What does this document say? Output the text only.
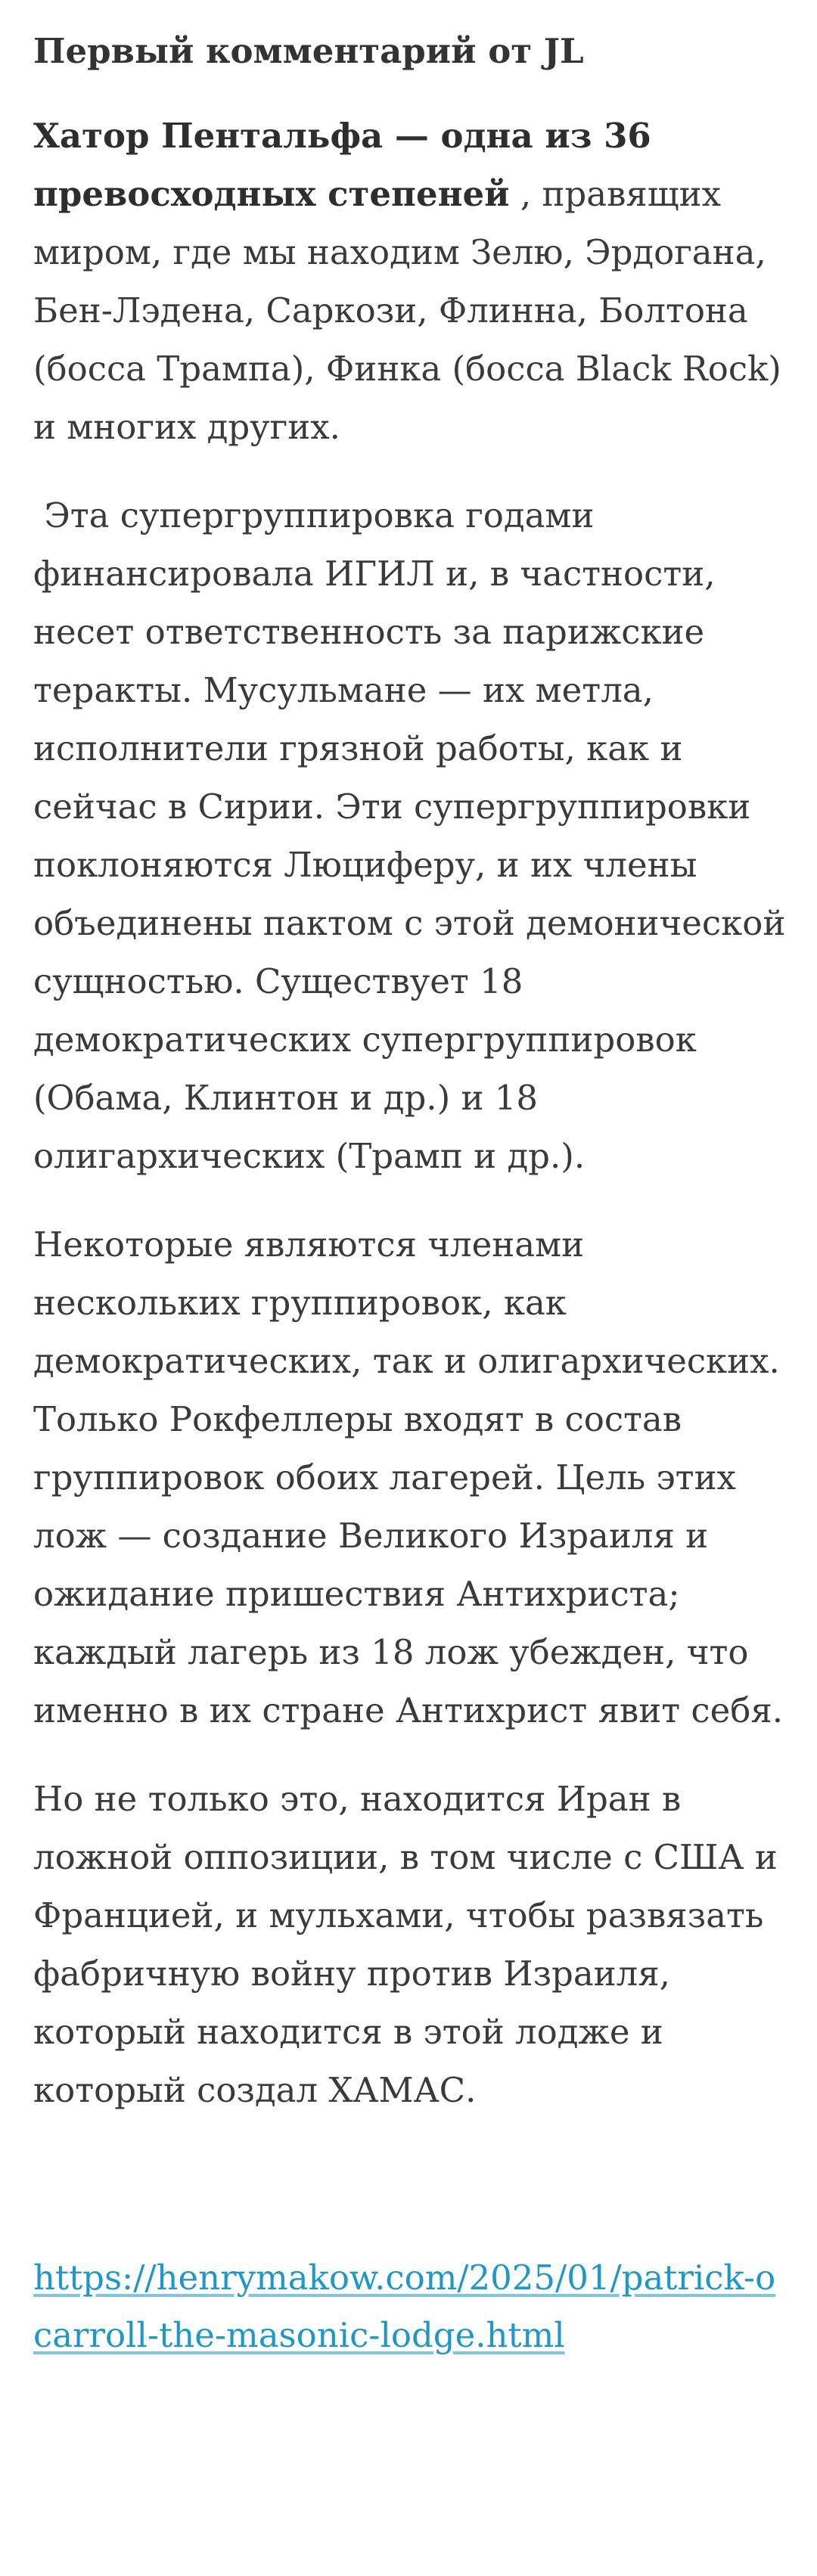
Первый комментарий от JL

Хатор Пентальфа — одна из 36 превосходных степеней , правящих миром, где мы находим Зелю, Эрдогана, Бен-Лэдена, Саркози, Флинна, Болтона (босса Трампа), Финка (босса Black Rock) и многих других.

Эта супергруппировка годами финансировала ИГИЛ и, в частности, несет ответственность за парижские теракты. Мусульмане — их метла, исполнители грязной работы, как и сейчас в Сирии. Эти супергруппировки поклоняются Люциферу, и их члены объединены пактом с этой демонической сущностью. Существует 18 демократических супергруппировок (Обама, Клинтон и др.) и 18 олигархических (Трамп и др.).

Некоторые являются членами нескольких группировок, как демократических, так и олигархических. Только Рокфеллеры входят в состав группировок обоих лагерей. Цель этих лож — создание Великого Израиля и ожидание пришествия Антихриста; каждый лагерь из 18 лож убежден, что именно в их стране Антихрист явит себя.

Но не только это, находится Иран в ложной оппозиции, в том числе с США и Францией, и мульхами, чтобы развязать фабричную войну против Израиля, который находится в этой лодже и который создал ХАМАС.

https://henrymakow.com/2025/01/patrick-ocarroll-the-masonic-lodge.html
